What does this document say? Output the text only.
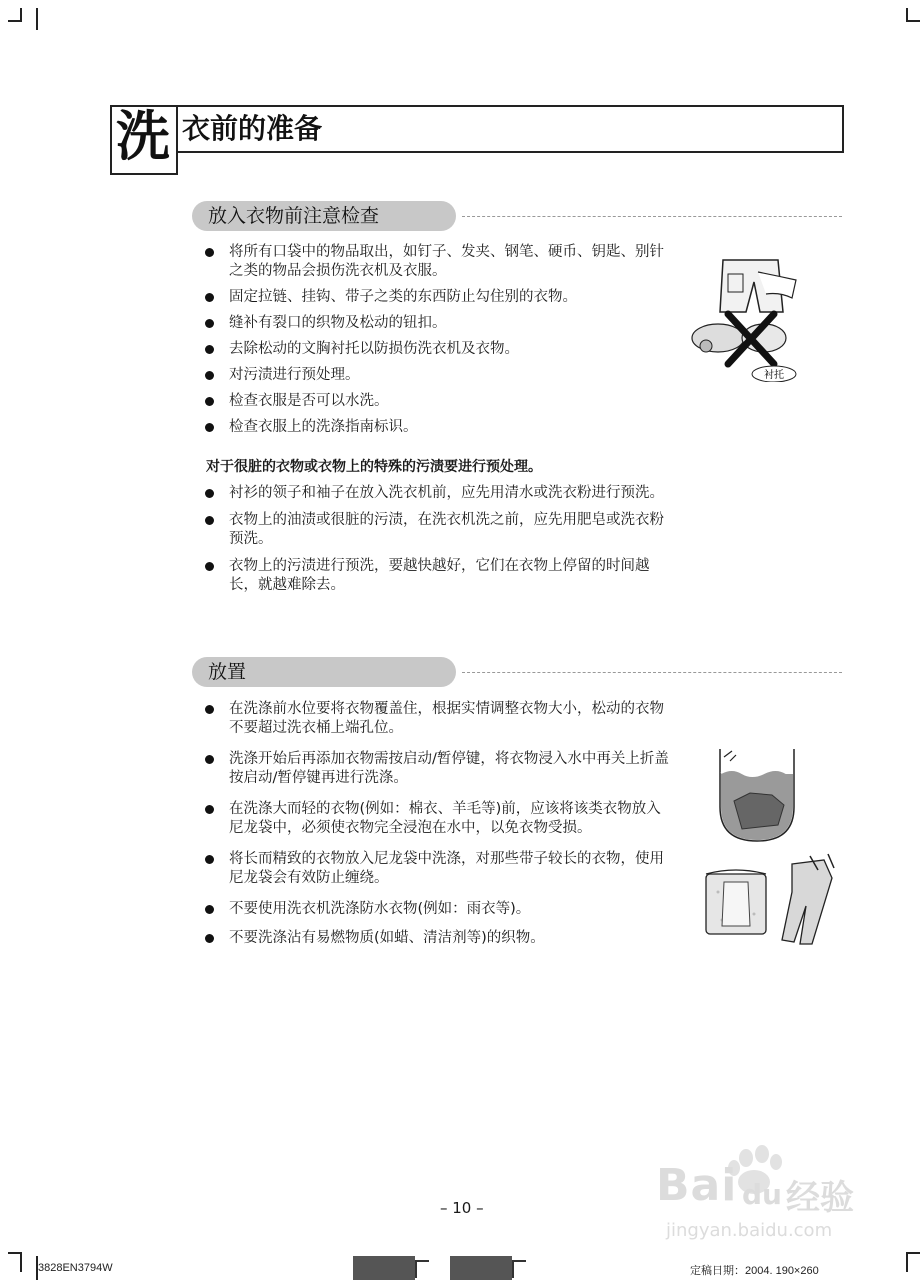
洗 衣前的准备
放入衣物前注意检查
将所有口袋中的物品取出，如钉子、发夹、钢笔、硬币、钥匙、别针之类的物品会损伤洗衣机及衣服。
固定拉链、挂钩、带子之类的东西防止勾住别的衣物。
缝补有裂口的织物及松动的钮扣。
去除松动的文胸衬托以防损伤洗衣机及衣物。
对污渍进行预处理。
检查衣服是否可以水洗。
检查衣服上的洗涤指南标识。
衬托
对于很脏的衣物或衣物上的特殊的污渍要进行预处理。
衬衫的领子和袖子在放入洗衣机前，应先用清水或洗衣粉进行预洗。
衣物上的油渍或很脏的污渍，在洗衣机洗之前，应先用肥皂或洗衣粉预洗。
衣物上的污渍进行预洗，要越快越好，它们在衣物上停留的时间越长，就越难除去。
放置
在洗涤前水位要将衣物覆盖住，根据实情调整衣物大小，松动的衣物不要超过洗衣桶上端孔位。
洗涤开始后再添加衣物需按启动/暂停键，将衣物浸入水中再关上折盖按启动/暂停键再进行洗涤。
在洗涤大而轻的衣物(例如：棉衣、羊毛等)前，应该将该类衣物放入尼龙袋中，必须使衣物完全浸泡在水中，以免衣物受损。
将长而精致的衣物放入尼龙袋中洗涤，对那些带子较长的衣物，使用尼龙袋会有效防止缠绕。
不要使用洗衣机洗涤防水衣物(例如：雨衣等)。
不要洗涤沾有易燃物质(如蜡、清洁剂等)的织物。
Bai du 经验
jingyan.baidu.com
– 10 –
3828EN3794W	定稿日期：2004. 190×260
